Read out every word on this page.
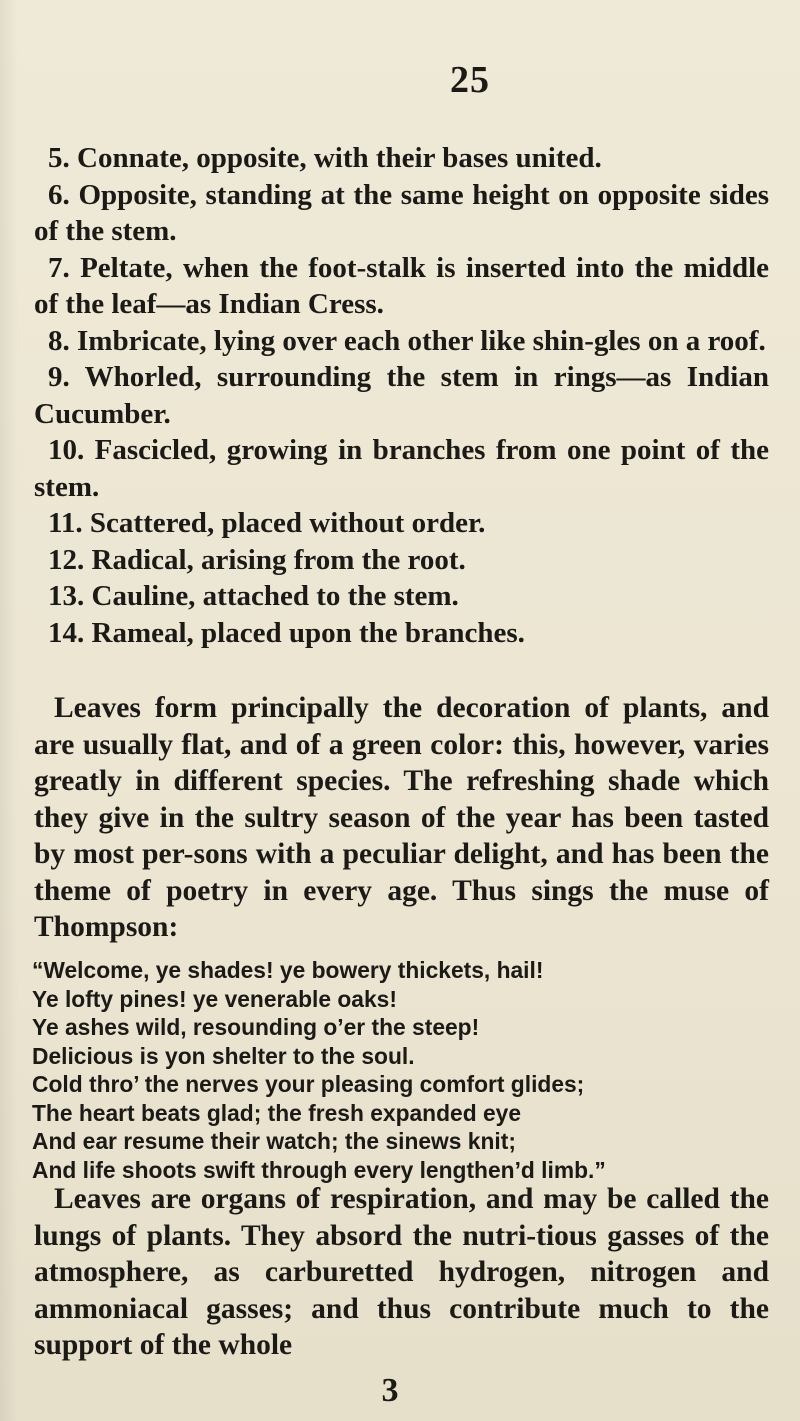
25
5. Connate, opposite, with their bases united.
6. Opposite, standing at the same height on opposite sides of the stem.
7. Peltate, when the foot-stalk is inserted into the middle of the leaf—as Indian Cress.
8. Imbricate, lying over each other like shin-gles on a roof.
9. Whorled, surrounding the stem in rings—as Indian Cucumber.
10. Fascicled, growing in branches from one point of the stem.
11. Scattered, placed without order.
12. Radical, arising from the root.
13. Cauline, attached to the stem.
14. Rameal, placed upon the branches.

Leaves form principally the decoration of plants, and are usually flat, and of a green color: this, however, varies greatly in different species. The refreshing shade which they give in the sultry season of the year has been tasted by most per-sons with a peculiar delight, and has been the theme of poetry in every age. Thus sings the muse of Thompson:

“Welcome, ye shades! ye bowery thickets, hail!
Ye lofty pines! ye venerable oaks!
Ye ashes wild, resounding o’er the steep!
Delicious is yon shelter to the soul.
Cold thro’ the nerves your pleasing comfort glides;
The heart beats glad; the fresh expanded eye
And ear resume their watch; the sinews knit;
And life shoots swift through every lengthen’d limb.”

Leaves are organs of respiration, and may be called the lungs of plants. They absord the nutri-tious gasses of the atmosphere, as carburetted hydrogen, nitrogen and ammoniacal gasses; and thus contribute much to the support of the whole

3
